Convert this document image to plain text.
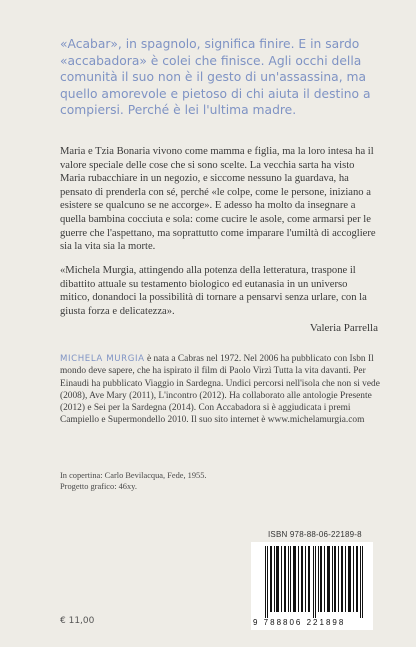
«Acabar», in spagnolo, significa finire. E in sardo «accabadora» è colei che finisce. Agli occhi della comunità il suo non è il gesto di un'assassina, ma quello amorevole e pietoso di chi aiuta il destino a compiersi. Perché è lei l'ultima madre.

Maria e Tzia Bonaria vivono come mamma e figlia, ma la loro intesa ha il valore speciale delle cose che si sono scelte. La vecchia sarta ha visto Maria rubacchiare in un negozio, e siccome nessuno la guardava, ha pensato di prenderla con sé, perché «le colpe, come le persone, iniziano a esistere se qualcuno se ne accorge». E adesso ha molto da insegnare a quella bambina cocciuta e sola: come cucire le asole, come armarsi per le guerre che l'aspettano, ma soprattutto come imparare l'umiltà di accogliere sia la vita sia la morte.

«Michela Murgia, attingendo alla potenza della letteratura, traspone il dibattito attuale su testamento biologico ed eutanasia in un universo mitico, donandoci la possibilità di tornare a pensarvi senza urlare, con la giusta forza e delicatezza».

Valeria Parrella

MICHELA MURGIA è nata a Cabras nel 1972. Nel 2006 ha pubblicato con Isbn Il mondo deve sapere, che ha ispirato il film di Paolo Virzì Tutta la vita davanti. Per Einaudi ha pubblicato Viaggio in Sardegna. Undici percorsi nell'isola che non si vede (2008), Ave Mary (2011), L'incontro (2012). Ha collaborato alle antologie Presente (2012) e Sei per la Sardegna (2014). Con Accabadora si è aggiudicata i premi Campiello e Supermondello 2010. Il suo sito internet è www.michelamurgia.com

In copertina: Carlo Bevilacqua, Fede, 1955.
Progetto grafico: 46xy.
ISBN 978-88-06-22189-8
9 788806 221898
€ 11,00
